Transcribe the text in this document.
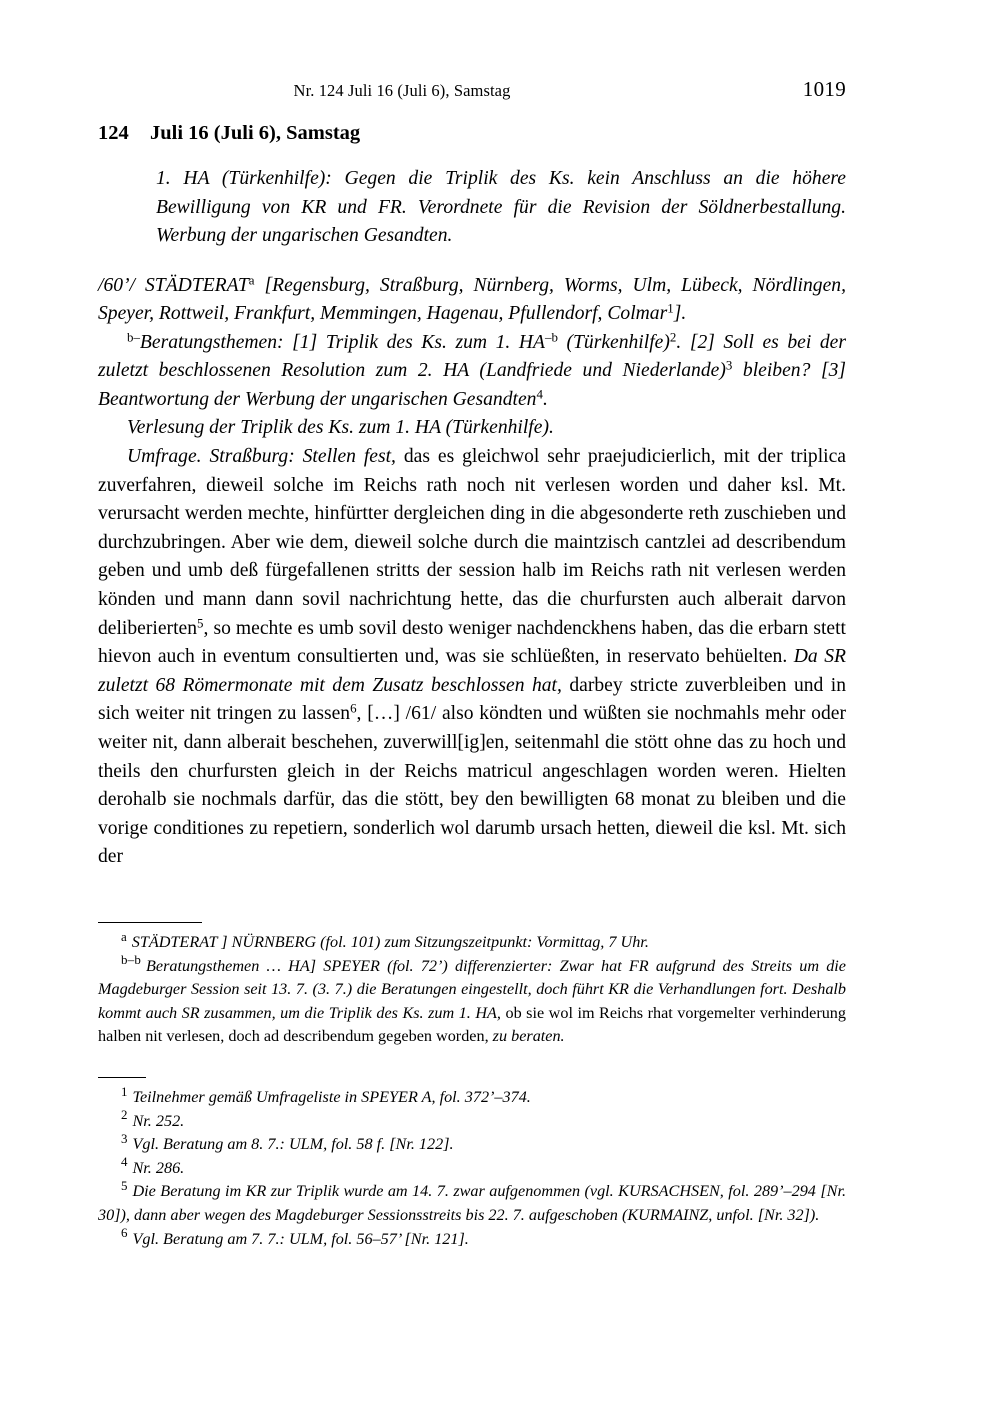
Nr. 124 Juli 16 (Juli 6), Samstag	1019
124 Juli 16 (Juli 6), Samstag
1. HA (Türkenhilfe): Gegen die Triplik des Ks. kein Anschluss an die höhere Bewilligung von KR und FR. Verordnete für die Revision der Söldnerbestallung. Werbung der ungarischen Gesandten.

/60’/ STÄDTERAT$^a$ [Regensburg, Straßburg, Nürnberg, Worms, Ulm, Lübeck, Nördlingen, Speyer, Rottweil, Frankfurt, Memmingen, Hagenau, Pfullendorf, Colmar$^1$].

$^{b-}$Beratungsthemen: [1] Triplik des Ks. zum 1. $HA^{-b}$ (Türkenhilfe)$^2$. [2] Soll es bei der zuletzt beschlossenen Resolution zum 2. HA (Landfriede und Niederlande)$^3$ bleiben? [3] Beantwortung der Werbung der ungarischen Gesandten$^4$.

Verlesung der Triplik des Ks. zum 1. HA (Türkenhilfe).

Umfrage. Straßburg: Stellen fest, das es gleichwol sehr praejudicierlich, mit der triplica zuverfahren, dieweil solche im Reichs rath noch nit verlesen worden und daher ksl. Mt. verursacht werden mechte, hinfürtter dergleichen ding in die abgesonderte reth zuschieben und durchzubringen. Aber wie dem, dieweil solche durch die maintzisch cantzlei ad describendum geben und umb deß fürgefallenen stritts der session halb im Reichs rath nit verlesen werden könden und mann dann sovil nachrichtung hette, das die churfursten auch alberait darvon deliberierten$^5$, so mechte es umb sovil desto weniger nachdenckhens haben, das die erbarn stett hievon auch in eventum consultierten und, was sie schlüeßten, in reservato behüelten. Da SR zuletzt 68 Römermonate mit dem Zusatz beschlossen hat, darbey stricte zuverbleiben und in sich weiter nit tringen zu lassen$^6$, […] /61/ also köndten und wüßten sie nochmahls mehr oder weiter nit, dann alberait beschehen, zuverwill[ig]en, seitenmahl die stött ohne das zu hoch und theils den churfursten gleich in der Reichs matricul angeschlagen worden weren. Hielten derohalb sie nochmals darfür, das die stött, bey den bewilligten 68 monat zu bleiben und die vorige conditiones zu repetiern, sonderlich wol darumb ursach hetten, dieweil die ksl. Mt. sich der

$^a$ STÄDTERAT ] NÜRNBERG (fol. 101) zum Sitzungszeitpunkt: Vormittag, 7 Uhr.

$^{b-b}$ Beratungsthemen … HA] SPEYER (fol. 72’) differenzierter: Zwar hat FR aufgrund des Streits um die Magdeburger Session seit 13. 7. (3. 7.) die Beratungen eingestellt, doch führt KR die Verhandlungen fort. Deshalb kommt auch SR zusammen, um die Triplik des Ks. zum 1. HA, ob sie wol im Reichs rhat vorgemelter verhinderung halben nit verlesen, doch ad describendum gegeben worden, zu beraten.

$^1$ Teilnehmer gemäß Umfrageliste in SPEYER A, fol. 372’–374.

$^2$ Nr. 252.

$^3$ Vgl. Beratung am 8. 7.: ULM, fol. 58 f. [Nr. 122].

$^4$ Nr. 286.

$^5$ Die Beratung im KR zur Triplik wurde am 14. 7. zwar aufgenommen (vgl. KURSACHSEN, fol. 289’–294 [Nr. 30]), dann aber wegen des Magdeburger Sessionsstreits bis 22. 7. aufgeschoben (KURMAINZ, unfol. [Nr. 32]).

$^6$ Vgl. Beratung am 7. 7.: ULM, fol. 56–57’ [Nr. 121].
